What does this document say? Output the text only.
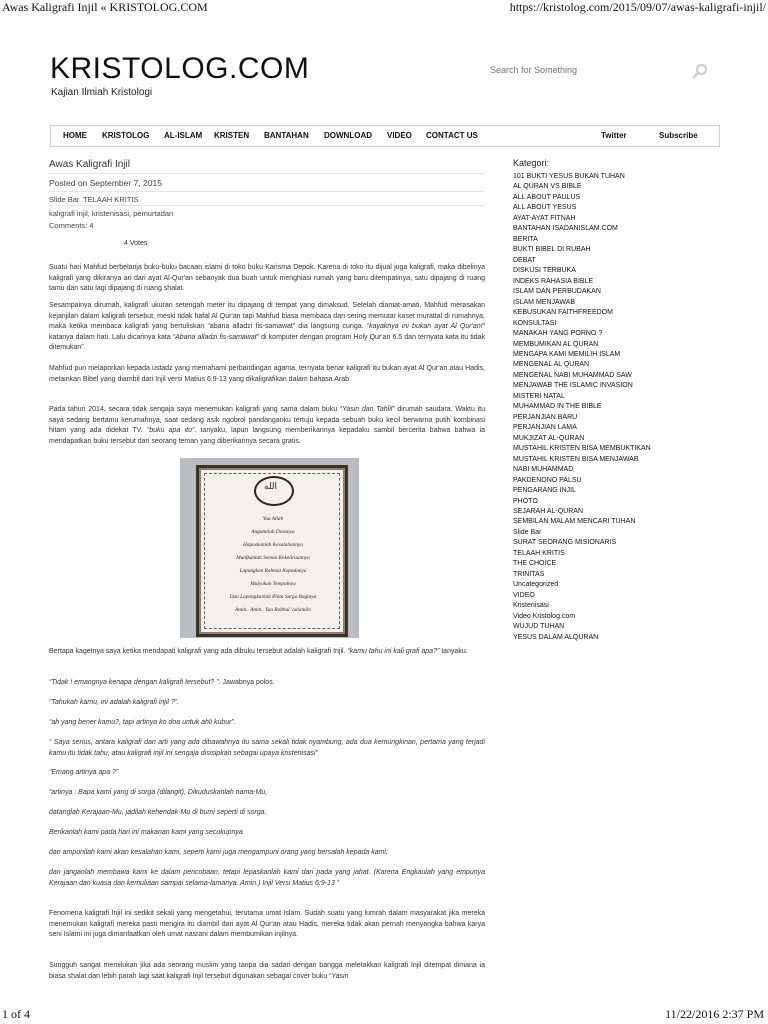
Awas Kaligrafi Injil « KRISTOLOG.COM	https://kristolog.com/2015/09/07/awas-kaligrafi-injil/
KRISTOLOG.COM
Kajian Ilmiah Kristologi
Search for Something
HOME KRISTOLOG AL-ISLAM KRISTEN BANTAHAN DOWNLOAD VIDEO CONTACT US	Twitter	Subscribe
Awas Kaligrafi Injil
Posted on September 7, 2015
Slide Bar. TELAAH KRITIS
kaligrafi injil, kristenisasi, pemurtadan
Comments: 4
4 Votes

Suatu hari Mahfud berbelanja buku-buku bacaan islami di toko buku Karisma Depok. Karena di toko itu dijual juga kaligrafi, maka dibelinya kaligrafi yang dikiranya ari dari ayat Al-Qur'an sebanyak dua buah untuk menghiasi rumah yang baru ditempatinya, satu dipajang di ruang tamu dan satu lagi dipajang di ruang shalat.

Sesampainya dirumah, kaligrafi ukuran setengah meter itu dipajang di tempat yang dimaksud. Setelah diamat-amati, Mahfud merasakan kejanjilan dalam kaligrafi tersebut, meski tidak hafal Al Qur'an tapi Mahfud biasa membaca dan sering memutar kaset murattal di rumahnya, maka ketika membaca kaligrafi yang bertuliskan “abana alladzi fis-samawat” dia langsung curiga. “kayaknya ini bukan ayat Al Qur'an!” katanya dalam hati. Lalu dicarinya kata “Abana alladzi fis-samawat” di komputer dengan program Holy Qur'an 6.5 dan ternyata kata itu tidak ditemukan”.

Mahfud pun melaporkan kepada ustadz yang memahami perbandingan agama, ternyata benar kaligrafi itu bukan ayat Al Qur'an atau Hadis, melainkan Bibel yang diambil dari Injil versi Matius 6:9-13 yang dikaligrafikan dalam bahasa Arab.

Pada tahun 2014, secara tidak sengaja saya menemukan kaligrafi yang sama dalam buku “Yasin dan Tahlil” dirumah saudara. Waktu itu saya sedang bertamu kerumahnya, saat sedang asik ngobrol pandanganku tertuju kepada sebuah buku kecil berwarna putih kombinasi hitam yang ada didekat TV. “buku apa itu”. tanyaku, lapun langsung memberikannya kepadaku sambil bercerita bahwa bahwa ia mendapatkan buku tersebut dari seorang teman yang diberikannya secara gratis.

الله
Yaa Allah
Angumtlah Dosanya
Hapuskanlah Kesalahannya
Munfkanlah Semua Kekeliruannya
Lapangkan Rahmat Kepadanya
Mulyakan Tempatnya
Dan Lapangkanlah Pintu Surga Baginya
Amin.. Amin.. Yaa Robbal 'aalamiin

Bertapa kagetnya saya ketika mendapati kaligrafi yang ada dibuku tersebut adalah kaligrafi Injil. “kamu tahu ini kali grafi apa?” tanyaku.

“Tidak ! emangnya kenapa dengan kaligrafi tersebut? ”. Jawabnya polos.

“Tahukah kamu, ini adalah kaligrafi injil ?”.

“ah yang bener kamu?, tapi artinya ko doa untuk ahli kubur”.

“ Saya serius, antara kaligrafi dan arti yang ada dibawahnya itu sama sekali tidak nyambung, ada dua kemungkinan, pertama yang terjadi kamu itu tidak tahu, atau kaligrafi injil ini sengaja disisipkan sebagai upaya kristenisasi”

“Emang artinya apa ?”

“artinya : Bapa kami yang di sorga (dilangit), Dikuduskanlah nama-Mu,

datanglah Kerajaan-Mu, jadilah kehendak-Mu di bumi seperti di sorga.

Berikanlah kami pada hari ini makanan kami yang secukupnya

dan ampunilah kami akan kesalahan kami, seperti kami juga mengampuni orang yang bersalah kepada kami;

dan janganlah membawa kami ke dalam pencobaan, tetapi lepaskanlah kami dari pada yang jahat. (Karena Engkaulah yang empunya Kerajaan dan kuasa dan kemuliaan sampai selama-lamanya. Amin.) Injil Versi Matius 6:9-13 ”

Fenomena kaligrafi Injil ini sedikit sekali yang mengetahui, terutama umat Islam. Sudah suatu yang lumrah dalam masyarakat jika mereka menemukan kaligrafi mereka pasti mengira itu diambil dari ayat Al Qur'an atau Hadis, mereka tidak akan pernah menyangka bahwa karya seni Islami ini juga dimanfaatkan oleh umat nasrani dalam membumikan injilnya.

Sungguh sangat memilukan jika ada seorang muslim yang tanpa dia sadari dengan bangga meletakkan kaligrafi Injil ditempat dimana ia biasa shalat dan lebih parah lagi saat kaligrafi Injil tersebut digunakan sebagai cover buku “Yasin

Kategori:
101 BUKTI YESUS BUKAN TUHAN
AL QURAN VS BIBLE
ALL ABOUT PAULUS
ALL ABOUT YESUS
AYAT-AYAT FITNAH
BANTAHAN ISADANISLAM.COM
BERITA
BUKTI BIBEL DI RUBAH
DEBAT
DISKUSI TERBUKA
INDEKS RAHASIA BIBLE
ISLAM DAN PERBUDAKAN
ISLAM MENJAWAB
KEBUSUKAN FAITHFREEDOM
KONSULTASI
MANAKAH YANG PORNO ?
MEMBUMIKAN AL QURAN
MENGAPA KAMI MEMILIH ISLAM
MENGENAL AL QURAN
MENGENAL NABI MUHAMMAD SAW
MENJAWAB THE ISLAMIC INVASION
MISTERI NATAL
MUHAMMAD IN THE BIBLE
PERJANJIAN BARU
PERJANJIAN LAMA
MUKJIZAT AL-QURAN
MUSTAHIL KRISTEN BISA MEMBUKTIKAN
MUSTAHIL KRISTEN BISA MENJAWAB
NABI MUHAMMAD
PAKDENONO PALSU
PENGARANG INJIL
PHOTO
SEJARAH AL-QURAN
SEMBILAN MALAM MENCARI TUHAN
Slide Bar
SURAT SEORANG MISIONARIS
TELAAH KRITIS
THE CHOICE
TRINITAS
Uncategorized
VIDEO
Kristenisasi
Video Kristolog.com
WUJUD TUHAN
YESUS DALAM ALQURAN
1 of 4	11/22/2016 2:37 PM
